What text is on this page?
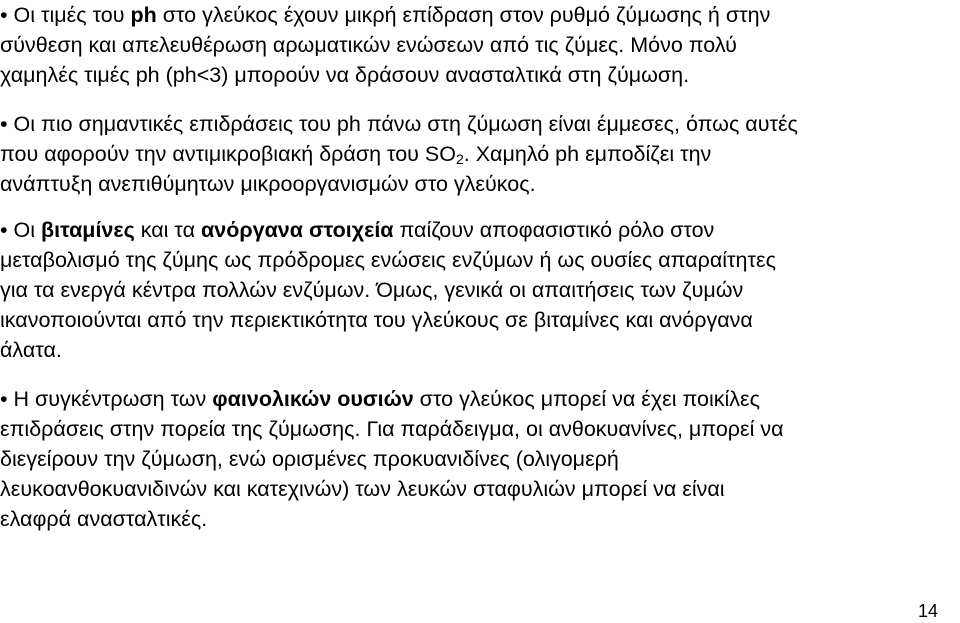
• Οι τιμές του ph στο γλεύκος έχουν μικρή επίδραση στον ρυθμό ζύμωσης ή στην
σύνθεση και απελευθέρωση αρωματικών ενώσεων από τις ζύμες. Μόνο πολύ
χαμηλές τιμές ph (ph<3) μπορούν να δράσουν ανασταλτικά στη ζύμωση.
• Οι πιο σημαντικές επιδράσεις του ph πάνω στη ζύμωση είναι έμμεσες, όπως αυτές
που αφορούν την αντιμικροβιακή δράση του $SO_2$. Χαμηλό ph εμποδίζει την
ανάπτυξη ανεπιθύμητων μικροοργανισμών στο γλεύκος.
• Οι βιταμίνες και τα ανόργανα στοιχεία παίζουν αποφασιστικό ρόλο στον
μεταβολισμό της ζύμης ως πρόδρομες ενώσεις ενζύμων ή ως ουσίες απαραίτητες
για τα ενεργά κέντρα πολλών ενζύμων. Όμως, γενικά οι απαιτήσεις των ζυμών
ικανοποιούνται από την περιεκτικότητα του γλεύκους σε βιταμίνες και ανόργανα
άλατα.
• Η συγκέντρωση των φαινολικών ουσιών στο γλεύκος μπορεί να έχει ποικίλες
επιδράσεις στην πορεία της ζύμωσης. Για παράδειγμα, οι ανθοκυανίνες, μπορεί να
διεγείρουν την ζύμωση, ενώ ορισμένες προκυανιδίνες (ολιγομερή
λευκοανθοκυανιδινών και κατεχινών) των λευκών σταφυλιών μπορεί να είναι
ελαφρά ανασταλτικές.
14
